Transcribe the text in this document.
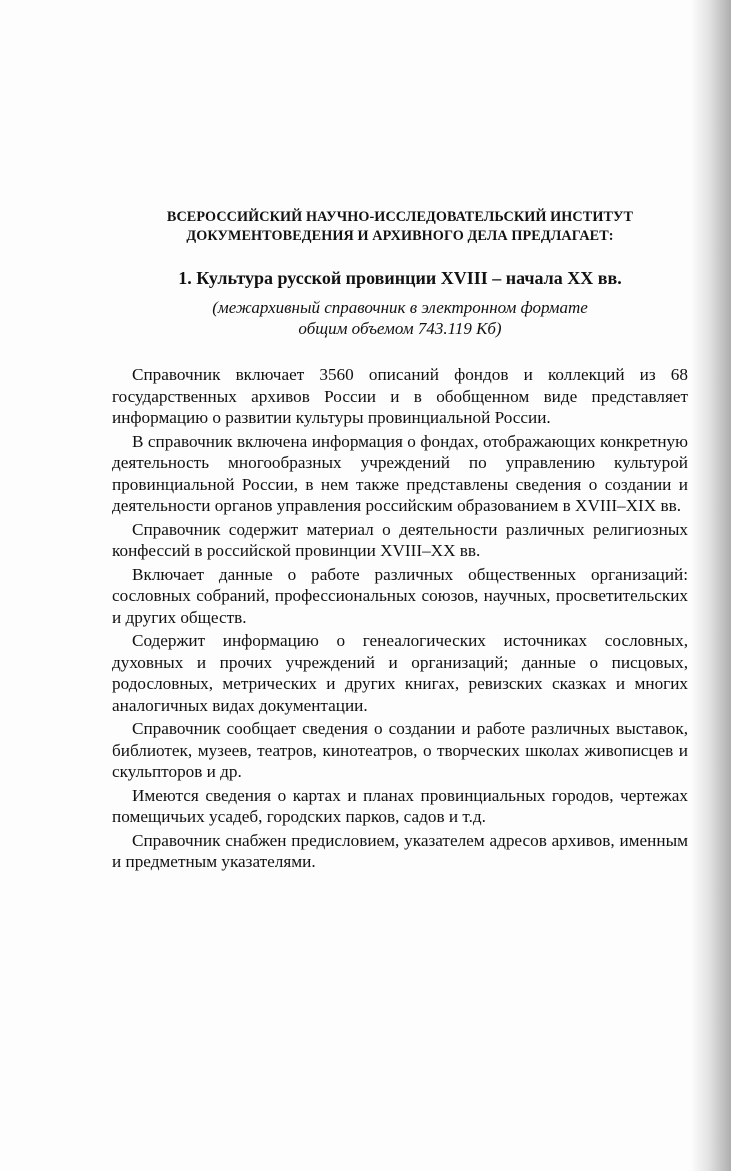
ВСЕРОССИЙСКИЙ НАУЧНО-ИССЛЕДОВАТЕЛЬСКИЙ ИНСТИТУТ
ДОКУМЕНТОВЕДЕНИЯ И АРХИВНОГО ДЕЛА ПРЕДЛАГАЕТ:
1. Культура русской провинции XVIII – начала XX вв.
(межархивный справочник в электронном формате
общим объемом 743.119 Кб)

Справочник включает 3560 описаний фондов и коллекций из 68 государственных архивов России и в обобщенном виде представляет информацию о развитии культуры провинциальной России.

В справочник включена информация о фондах, отображающих конкретную деятельность многообразных учреждений по управлению культурой провинциальной России, в нем также представлены сведения о создании и деятельности органов управления российским образованием в XVIII–XIX вв.

Справочник содержит материал о деятельности различных религиозных конфессий в российской провинции XVIII–XX вв.

Включает данные о работе различных общественных организаций: сословных собраний, профессиональных союзов, научных, просветительских и других обществ.

Содержит информацию о генеалогических источниках сословных, духовных и прочих учреждений и организаций; данные о писцовых, родословных, метрических и других книгах, ревизских сказках и многих аналогичных видах документации.

Справочник сообщает сведения о создании и работе различных выставок, библиотек, музеев, театров, кинотеатров, о творческих школах живописцев и скульпторов и др.

Имеются сведения о картах и планах провинциальных городов, чертежах помещичьих усадеб, городских парков, садов и т.д.

Справочник снабжен предисловием, указателем адресов архивов, именным и предметным указателями.
